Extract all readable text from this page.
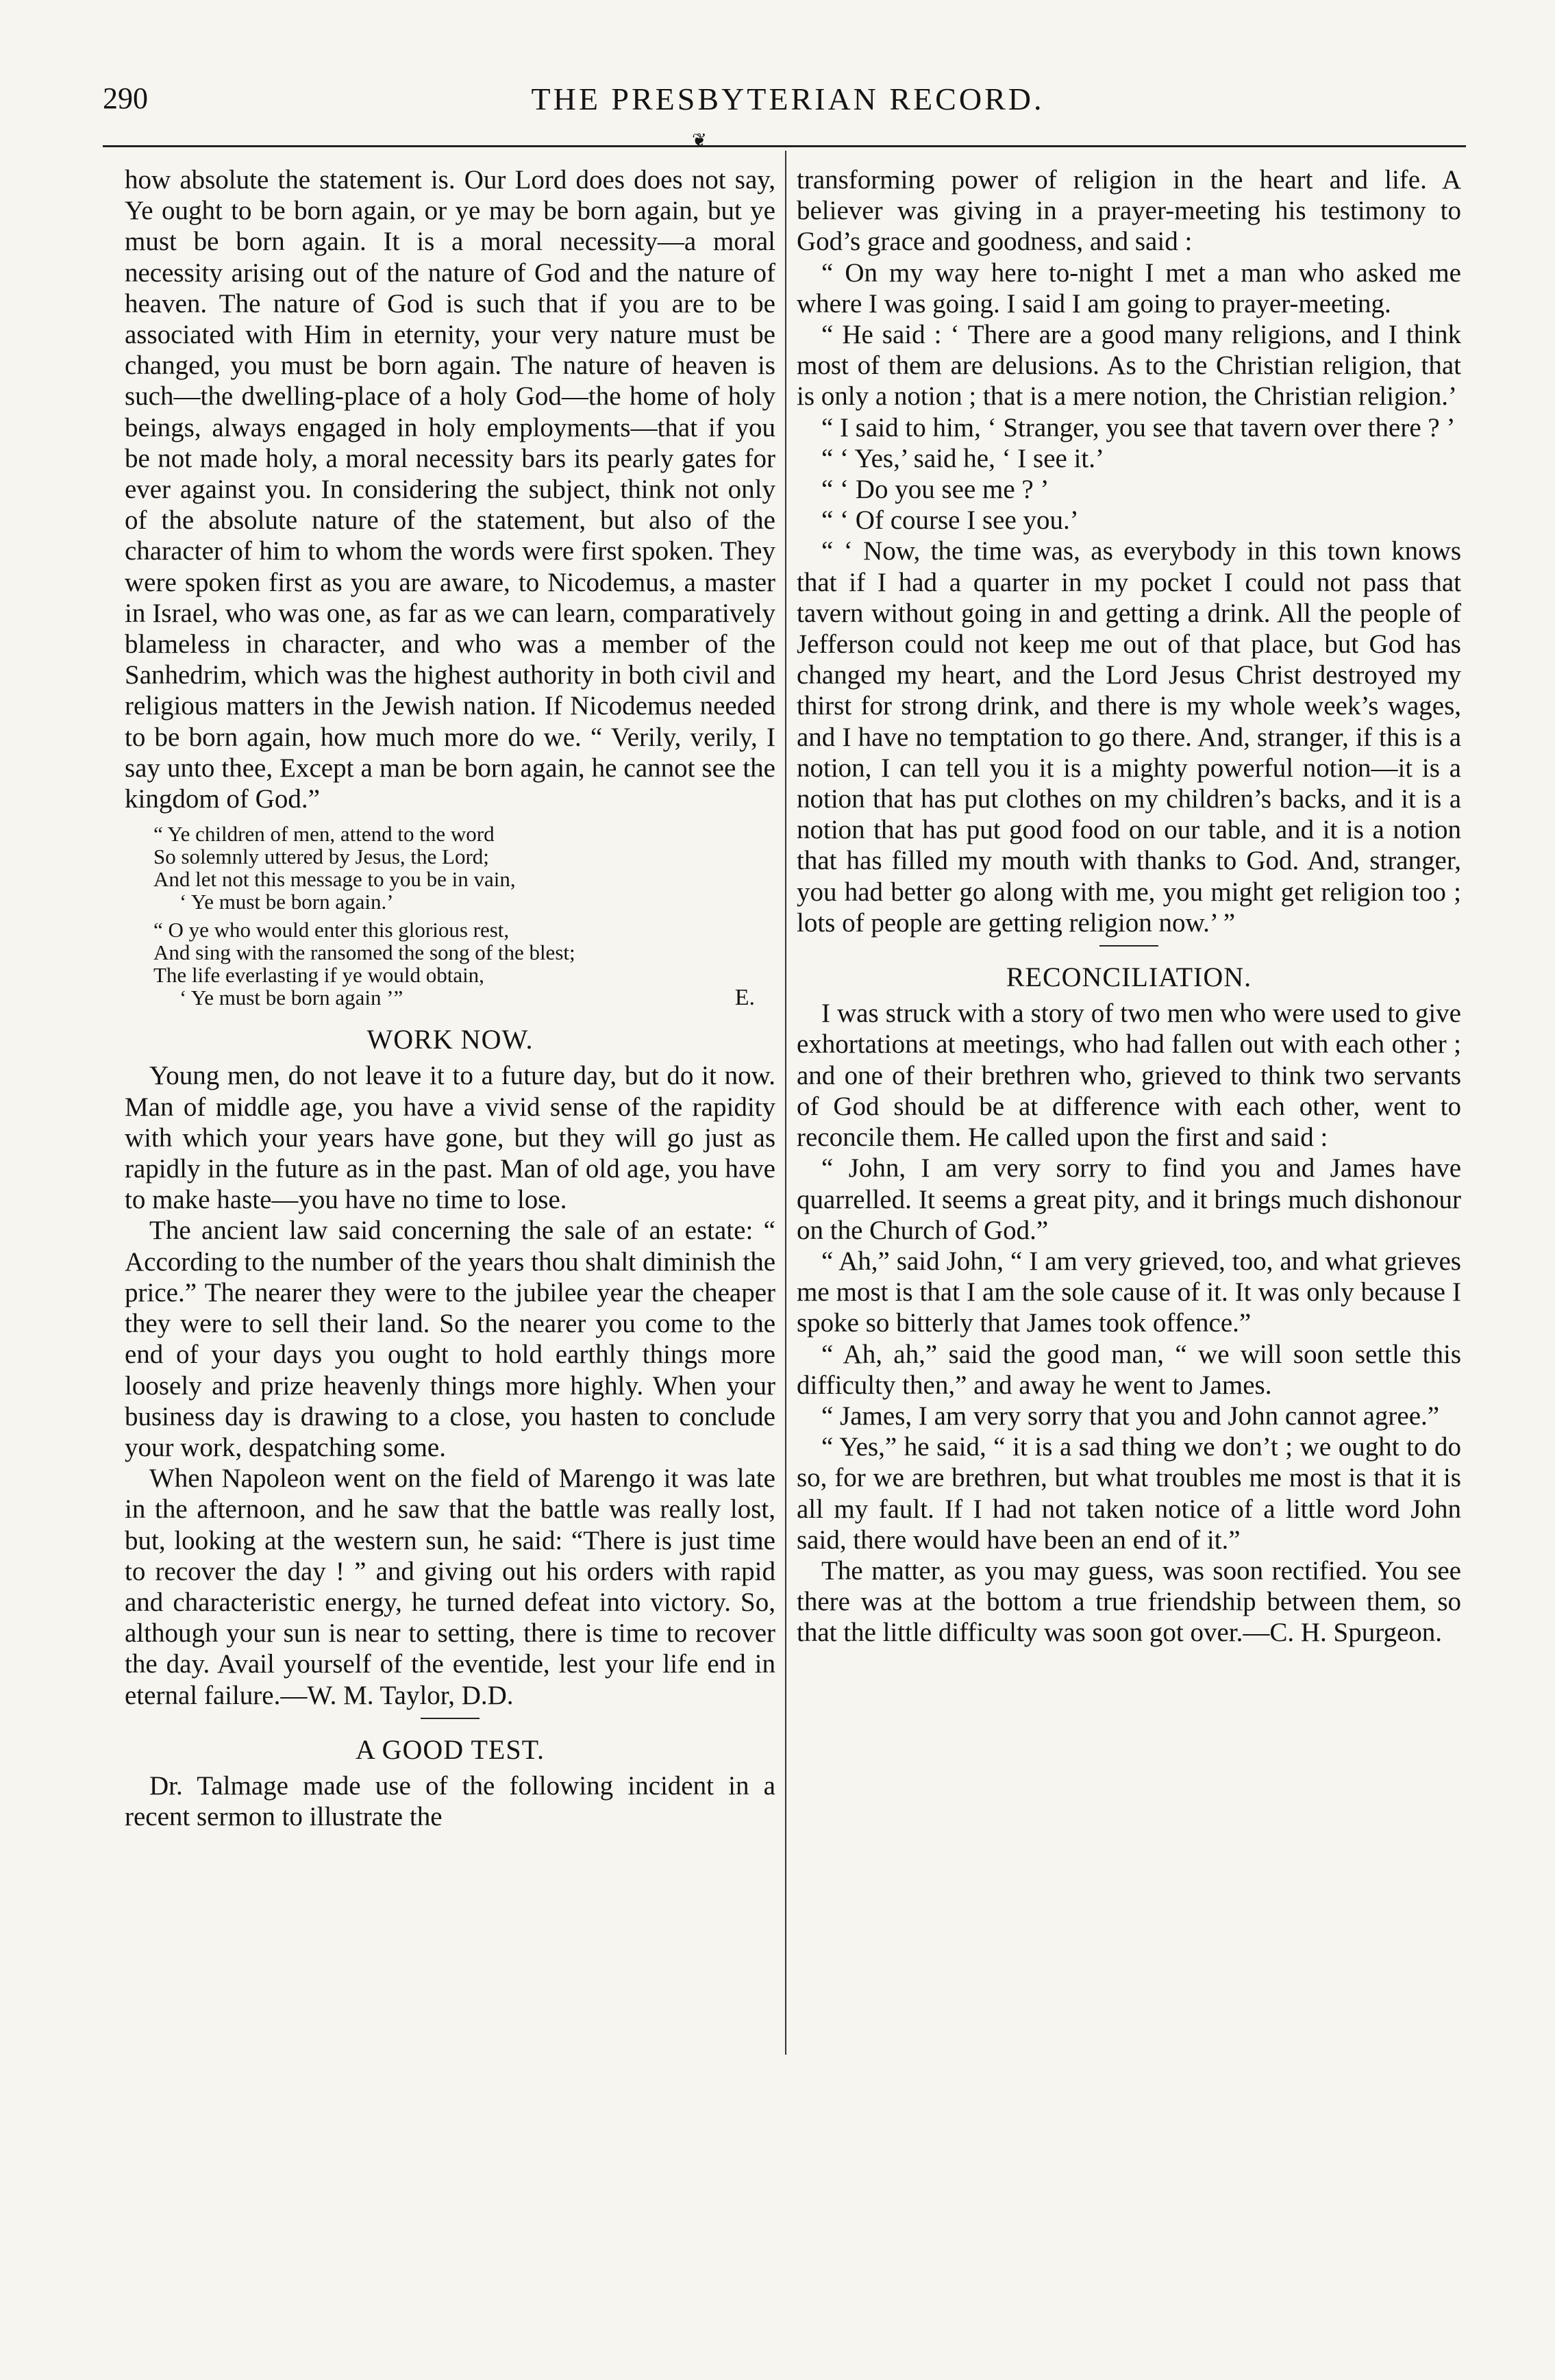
290	THE PRESBYTERIAN RECORD.
❦

how absolute the statement is. Our Lord does does not say, Ye ought to be born again, or ye may be born again, but ye must be born again. It is a moral necessity—a moral necessity arising out of the nature of God and the nature of heaven. The nature of God is such that if you are to be associated with Him in eternity, your very nature must be changed, you must be born again. The nature of heaven is such—the dwelling-place of a holy God—the home of holy beings, always engaged in holy employments—that if you be not made holy, a moral necessity bars its pearly gates for ever against you. In considering the subject, think not only of the absolute nature of the statement, but also of the character of him to whom the words were first spoken. They were spoken first as you are aware, to Nicodemus, a master in Israel, who was one, as far as we can learn, comparatively blameless in character, and who was a member of the Sanhedrim, which was the highest authority in both civil and religious matters in the Jewish nation. If Nicodemus needed to be born again, how much more do we. “ Verily, verily, I say unto thee, Except a man be born again, he cannot see the kingdom of God.”

“ Ye children of men, attend to the word
So solemnly uttered by Jesus, the Lord;
And let not this message to you be in vain,
‘ Ye must be born again.’
“ O ye who would enter this glorious rest,
And sing with the ransomed the song of the blest;
The life everlasting if ye would obtain,
‘ Ye must be born again ’”	E.
WORK NOW.

Young men, do not leave it to a future day, but do it now. Man of middle age, you have a vivid sense of the rapidity with which your years have gone, but they will go just as rapidly in the future as in the past. Man of old age, you have to make haste—you have no time to lose.

The ancient law said concerning the sale of an estate: “ According to the number of the years thou shalt diminish the price.” The nearer they were to the jubilee year the cheaper they were to sell their land. So the nearer you come to the end of your days you ought to hold earthly things more loosely and prize heavenly things more highly. When your business day is drawing to a close, you hasten to conclude your work, despatching some.

When Napoleon went on the field of Marengo it was late in the afternoon, and he saw that the battle was really lost, but, looking at the western sun, he said: “There is just time to recover the day ! ” and giving out his orders with rapid and characteristic energy, he turned defeat into victory. So, although your sun is near to setting, there is time to recover the day. Avail yourself of the eventide, lest your life end in eternal failure.—W. M. Taylor, D.D.

A GOOD TEST.

Dr. Talmage made use of the following incident in a recent sermon to illustrate the

transforming power of religion in the heart and life. A believer was giving in a prayer-meeting his testimony to God’s grace and goodness, and said :

“ On my way here to-night I met a man who asked me where I was going. I said I am going to prayer-meeting.

“ He said : ‘ There are a good many religions, and I think most of them are delusions. As to the Christian religion, that is only a notion ; that is a mere notion, the Christian religion.’

“ I said to him, ‘ Stranger, you see that tavern over there ? ’

“ ‘ Yes,’ said he, ‘ I see it.’

“ ‘ Do you see me ? ’

“ ‘ Of course I see you.’

“ ‘ Now, the time was, as everybody in this town knows that if I had a quarter in my pocket I could not pass that tavern without going in and getting a drink. All the people of Jefferson could not keep me out of that place, but God has changed my heart, and the Lord Jesus Christ destroyed my thirst for strong drink, and there is my whole week’s wages, and I have no temptation to go there. And, stranger, if this is a notion, I can tell you it is a mighty powerful notion—it is a notion that has put clothes on my children’s backs, and it is a notion that has put good food on our table, and it is a notion that has filled my mouth with thanks to God. And, stranger, you had better go along with me, you might get religion too ; lots of people are getting religion now.’ ”

RECONCILIATION.

I was struck with a story of two men who were used to give exhortations at meetings, who had fallen out with each other ; and one of their brethren who, grieved to think two servants of God should be at difference with each other, went to reconcile them. He called upon the first and said :

“ John, I am very sorry to find you and James have quarrelled. It seems a great pity, and it brings much dishonour on the Church of God.”

“ Ah,” said John, “ I am very grieved, too, and what grieves me most is that I am the sole cause of it. It was only because I spoke so bitterly that James took offence.”

“ Ah, ah,” said the good man, “ we will soon settle this difficulty then,” and away he went to James.

“ James, I am very sorry that you and John cannot agree.”

“ Yes,” he said, “ it is a sad thing we don’t ; we ought to do so, for we are brethren, but what troubles me most is that it is all my fault. If I had not taken notice of a little word John said, there would have been an end of it.”

The matter, as you may guess, was soon rectified. You see there was at the bottom a true friendship between them, so that the little difficulty was soon got over.—C. H. Spurgeon.
